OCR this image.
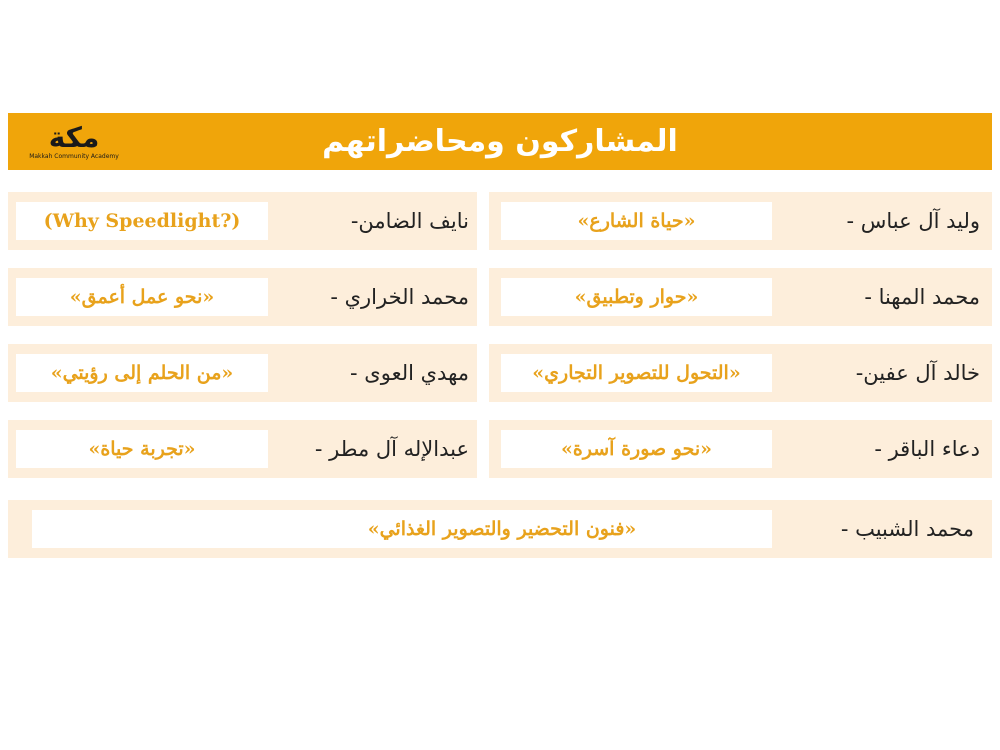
المشاركون ومحاضراتهم
مكة
Makkah Community Academy
وليد آل عباس -
«حياة الشارع»
نايف الضامن-
(Why Speedlight?)
محمد المهنا -
«حوار وتطبيق»
محمد الخراري -
«نحو عمل أعمق»
خالد آل عفين-
«التحول للتصوير التجاري»
مهدي العوى -
«من الحلم إلى رؤيتي»
دعاء الباقر -
«نحو صورة آسرة»
عبدالإله آل مطر -
«تجربة حياة»
محمد الشبيب -
«فنون التحضير والتصوير الغذائي»
